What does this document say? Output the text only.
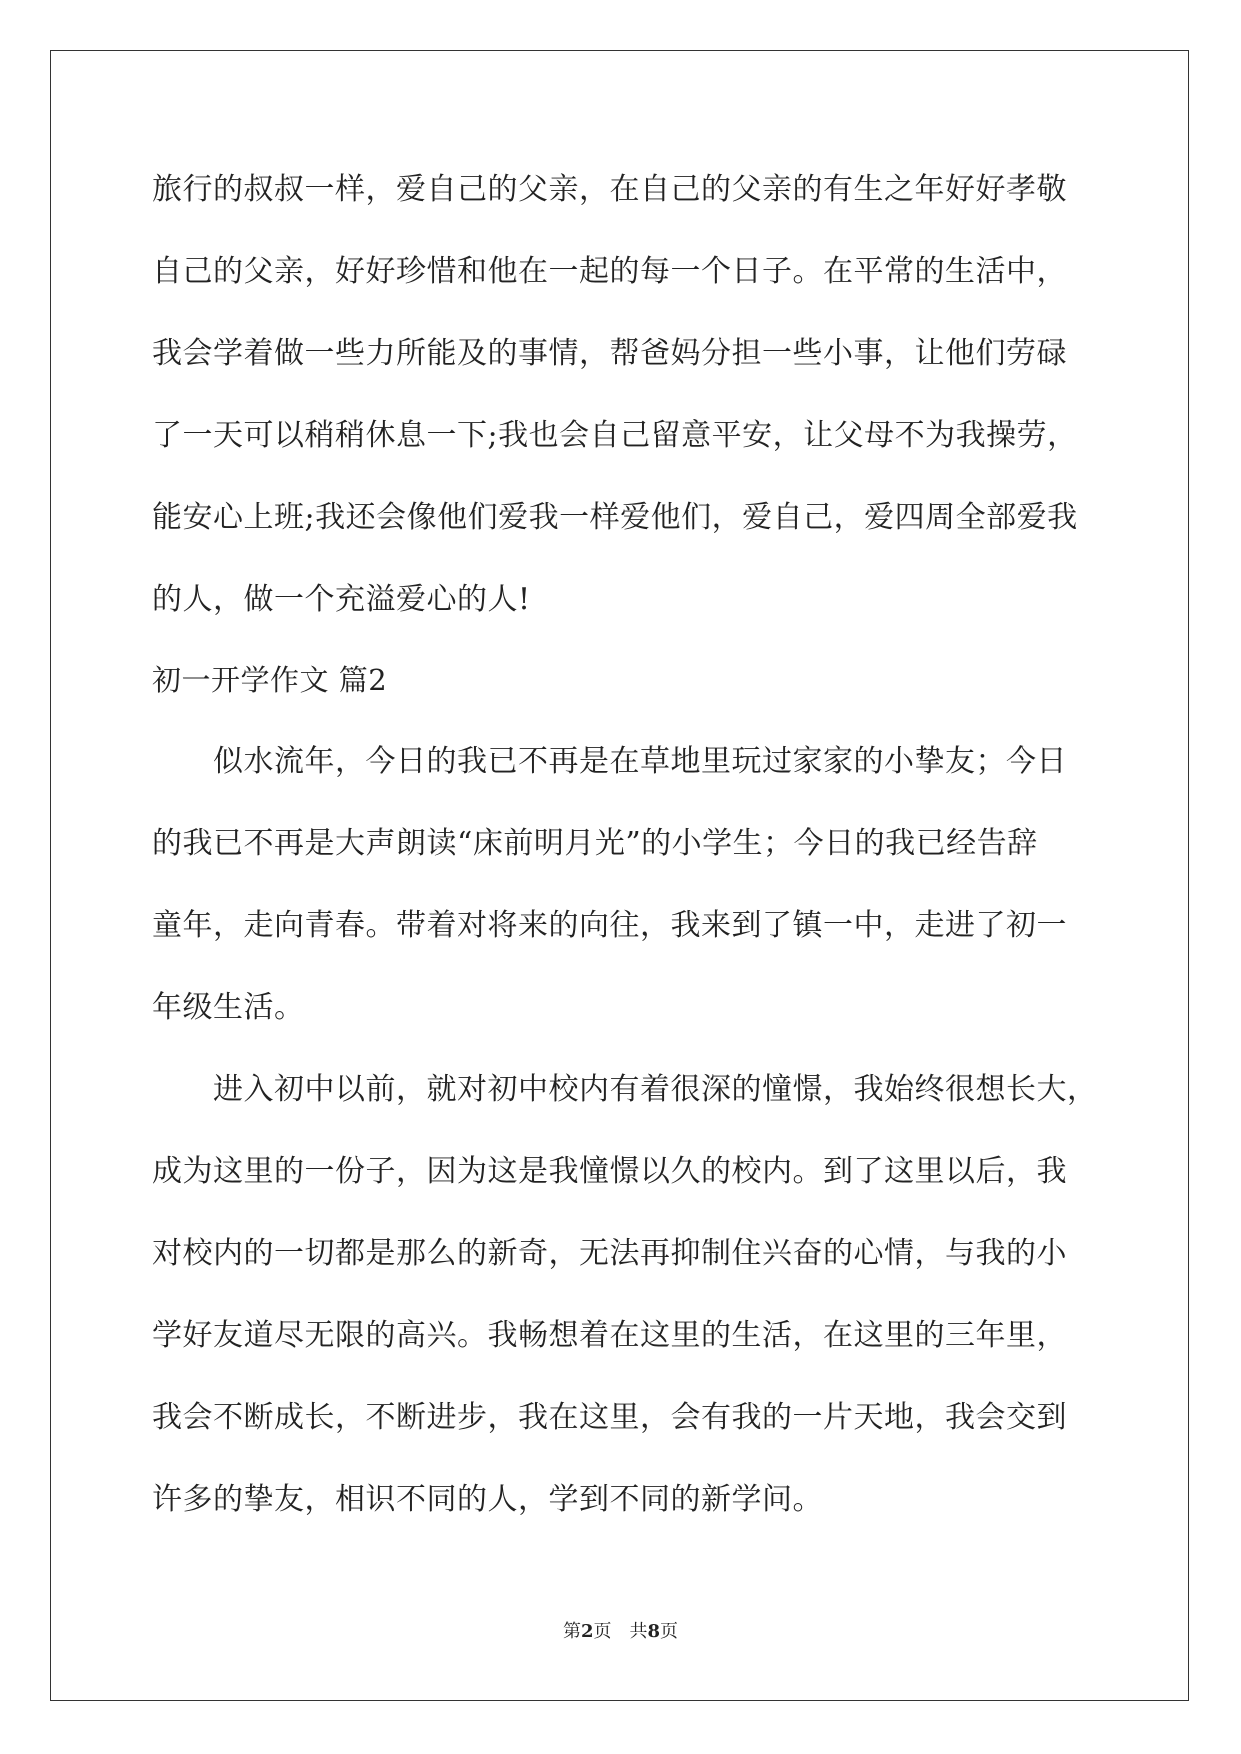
旅行的叔叔一样，爱自己的父亲，在自己的父亲的有生之年好好孝敬
自己的父亲，好好珍惜和他在一起的每一个日子。在平常的生活中，
我会学着做一些力所能及的事情，帮爸妈分担一些小事，让他们劳碌
了一天可以稍稍休息一下;我也会自己留意平安，让父母不为我操劳，
能安心上班;我还会像他们爱我一样爱他们，爱自己，爱四周全部爱我
的人，做一个充溢爱心的人!
初一开学作文 篇2
似水流年，今日的我已不再是在草地里玩过家家的小挚友；今日
的我已不再是大声朗读“床前明月光”的小学生；今日的我已经告辞
童年，走向青春。带着对将来的向往，我来到了镇一中，走进了初一
年级生活。
进入初中以前，就对初中校内有着很深的憧憬，我始终很想长大，
成为这里的一份子，因为这是我憧憬以久的校内。到了这里以后，我
对校内的一切都是那么的新奇，无法再抑制住兴奋的心情，与我的小
学好友道尽无限的高兴。我畅想着在这里的生活，在这里的三年里，
我会不断成长，不断进步，我在这里，会有我的一片天地，我会交到
许多的挚友，相识不同的人，学到不同的新学问。
第2页　共8页
